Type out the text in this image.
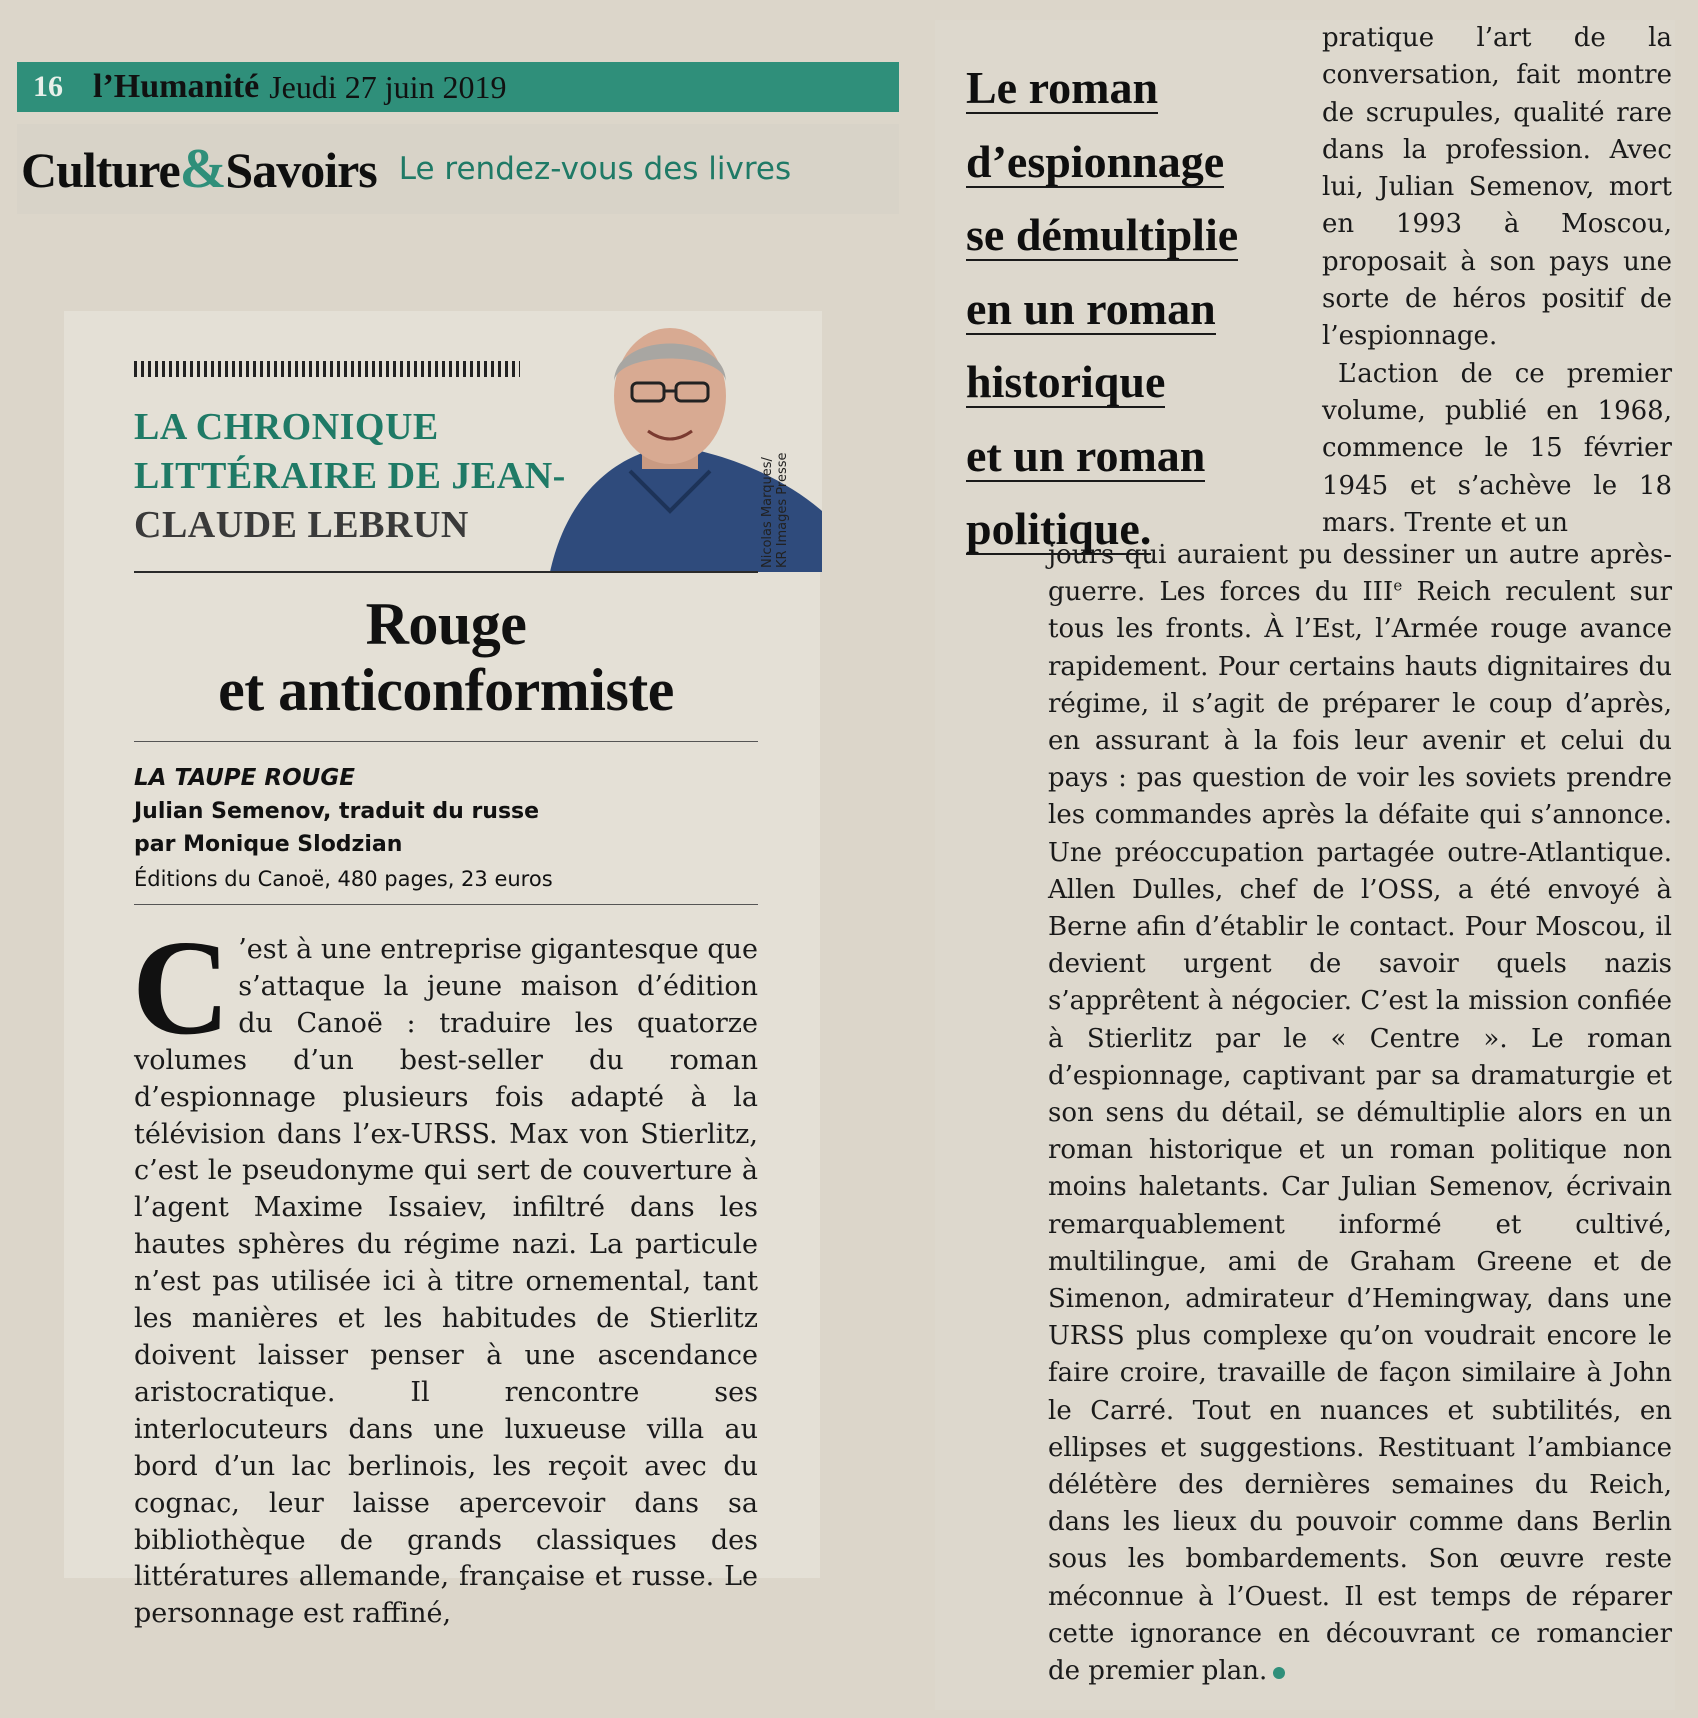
16 l’Humanité Jeudi 27 juin 2019
Culture&Savoirs Le rendez-vous des livres
LA CHRONIQUE
LITTÉRAIRE DE JEAN-
CLAUDE LEBRUN
Rouge
et anticonformiste
LA TAUPE ROUGE
Julian Semenov, traduit du russe
par Monique Slodzian
Éditions du Canoë, 480 pages, 23 euros
C ’est à une entreprise gigantesque que s’attaque la jeune maison d’édition du Canoë : traduire les quatorze volumes d’un best-seller du roman d’espionnage plusieurs fois adapté à la télévision dans l’ex-URSS. Max von Stierlitz, c’est le pseudonyme qui sert de couverture à l’agent Maxime Issaiev, infiltré dans les hautes sphères du régime nazi. La particule n’est pas utilisée ici à titre ornemental, tant les manières et les habitudes de Stierlitz doivent laisser penser à une ascendance aristocratique. Il rencontre ses interlocuteurs dans une luxueuse villa au bord d’un lac berlinois, les reçoit avec du cognac, leur laisse apercevoir dans sa bibliothèque de grands classiques des littératures allemande, française et russe. Le personnage est raffiné,
Nicolas Marques/
KR Images Presse
Le roman
d’espionnage
se démultiplie
en un roman
historique
et un roman
politique.

pratique l’art de la conversation, fait montre de scrupules, qualité rare dans la profession. Avec lui, Julian Semenov, mort en 1993 à Moscou, proposait à son pays une sorte de héros positif de l’espionnage.

L’action de ce premier volume, publié en 1968, commence le 15 février 1945 et s’achève le 18 mars. Trente et un

jours qui auraient pu dessiner un autre après-guerre. Les forces du IIIe Reich reculent sur tous les fronts. À l’Est, l’Armée rouge avance rapidement. Pour certains hauts dignitaires du régime, il s’agit de préparer le coup d’après, en assurant à la fois leur avenir et celui du pays : pas question de voir les soviets prendre les commandes après la défaite qui s’annonce. Une préoccupation partagée outre-Atlantique. Allen Dulles, chef de l’OSS, a été envoyé à Berne afin d’établir le contact. Pour Moscou, il devient urgent de savoir quels nazis s’apprêtent à négocier. C’est la mission confiée à Stierlitz par le « Centre ». Le roman d’espionnage, captivant par sa dramaturgie et son sens du détail, se démultiplie alors en un roman historique et un roman politique non moins haletants. Car Julian Semenov, écrivain remarquablement informé et cultivé, multilingue, ami de Graham Greene et de Simenon, admirateur d’Hemingway, dans une URSS plus complexe qu’on voudrait encore le faire croire, travaille de façon similaire à John le Carré. Tout en nuances et subtilités, en ellipses et suggestions. Restituant l’ambiance délétère des dernières semaines du Reich, dans les lieux du pouvoir comme dans Berlin sous les bombardements. Son œuvre reste méconnue à l’Ouest. Il est temps de réparer cette ignorance en découvrant ce romancier de premier plan.
